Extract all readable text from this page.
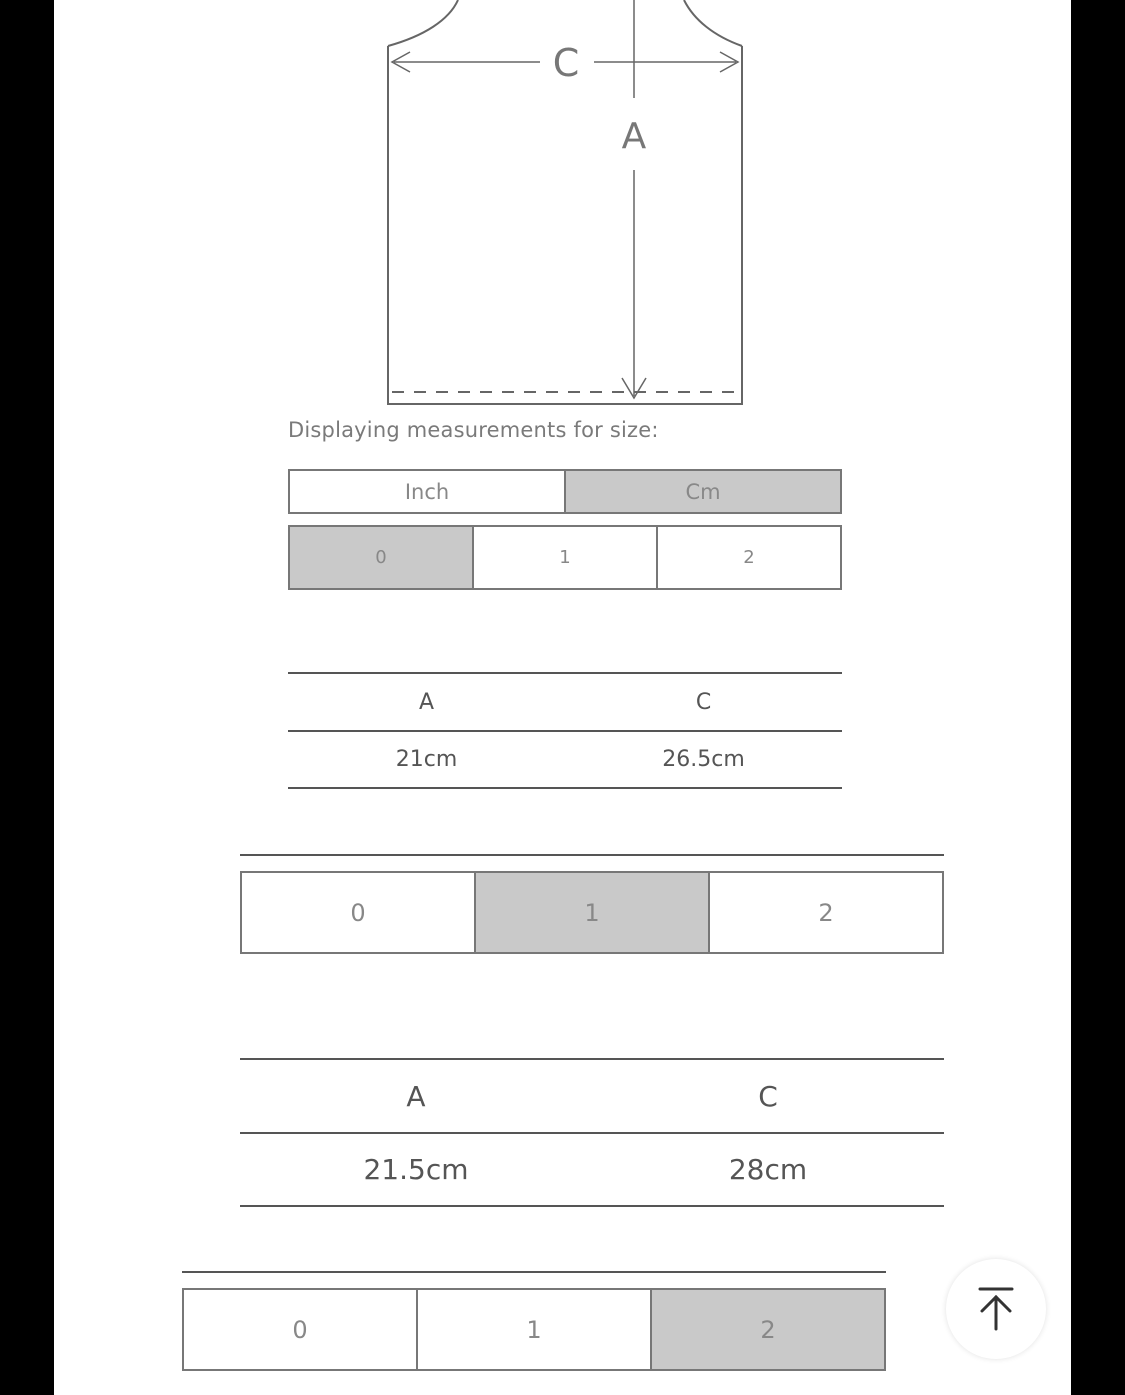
C
A
Displaying measurements for size:
Inch	Cm
0	1	2
A	C
21cm	26.5cm
0	1	2
A	C
21.5cm	28cm
0	1	2
